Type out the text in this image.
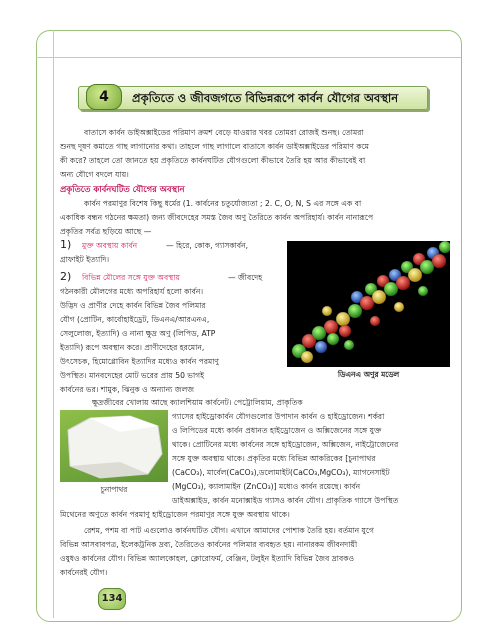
4	প্রকৃতিতে ও জীবজগতে বিভিন্নরূপে কার্বন যৌগের অবস্থান
বাতাসে কার্বন ডাইঅক্সাইডের পরিমাণ ক্রমশ বেড়ে যাওয়ার খবর তোমরা রোজই শুনছ। তোমরা
শুনছ দূষণ কমাতে গাছ লাগানোর কথা। তাহলে গাছ লাগালে বাতাসে কার্বন ডাইঅক্সাইডের পরিমাণ কমে
কী করে? তাহলে তো জানতে হয় প্রকৃতিতে কার্বনঘটিত যৌগগুলো কীভাবে তৈরি হয় আর কীভাবেই বা
অন্য যৌগে বদলে যায়।
প্রকৃতিতে কার্বনঘটিত যৌগের অবস্থান
কার্বন পরমাণুর বিশেষ কিছু ধর্মের (1. কার্বনের চতুর্যোজ্যতা ; 2. C, O, N, S এর সঙ্গে এক বা
একাধিক বন্ধন গঠনের ক্ষমতা) জন্য জীবদেহের সমস্ত জৈব অণু তৈরিতে কার্বন অপরিহার্য। কার্বন নানারূপে
প্রকৃতির সর্বত্র ছড়িয়ে আছে —
1) মুক্ত অবস্থায় কার্বন	— হিরে, কোক, গ্যাসকার্বন,
গ্রাফাইট ইত্যাদি।
2) বিভিন্ন মৌলের সঙ্গে যুক্ত অবস্থায়	— জীবদেহ
গঠনকারী মৌলগের মধ্যে অপরিহার্য হলো কার্বন।
উদ্ভিদ ও প্রাণীর দেহে কার্বন বিভিন্ন জৈব পলিমার
যৌগ (প্রোটিন, কার্বোহাইড্রেট, ডিএনএ/আরএনএ,
সেলুলোজ, ইত্যাদি) ও নানা ক্ষুদ্র অণু (লিপিড, ATP
ইত্যাদি) রূপে অবস্থান করে। প্রাণীদেহের হরমোন,
উৎসেচক, হিমোগ্লোবিন ইত্যাদির মধ্যেও কার্বন পরমাণু
উপস্থিত। মানবদেহের মোট ভরের প্রায় 50 ভাগই
কার্বনের ভর। শামুক, ঝিনুক ও অন্যান্য জলজ
ডিএনএ অণুর মডেল
ক্ষুদ্রজীবের খোলায় আছে ক্যালশিয়াম কার্বনেট। পেট্রোলিয়াম, প্রাকৃতিক
গ্যাসের হাইড্রোকার্বন যৌগগুলোর উপাদান কার্বন ও হাইড্রোজেন। শর্করা
ও লিপিডের মধ্যে কার্বন প্রধানত হাইড্রোজেন ও অক্সিজেনের সঙ্গে যুক্ত
থাকে। প্রোটিনের মধ্যে কার্বনের সঙ্গে হাইড্রোজেন, অক্সিজেন, নাইট্রোজেনের
সঙ্গে যুক্ত অবস্থায় থাকে। প্রকৃতির মধ্যে বিভিন্ন আকরিকের [চুনাপাথর
(CaCO₃), মার্বেল(CaCO₃),ডলোমাইট(CaCO₃,MgCO₃), ম্যাগনেসাইট
(MgCO₃), ক্যালামাইন (ZnCO₃)] মধ্যেও কার্বন রয়েছে। কার্বন
ডাইঅক্সাইড, কার্বন মনোক্সাইড গ্যাসও কার্বন যৌগ। প্রাকৃতিক গ্যাসে উপস্থিত
মিথেনের অণুতে কার্বন পরমাণু হাইড্রোজেন পরমাণুর সঙ্গে যুক্ত অবস্থায় থাকে।
চুনাপাথর
রেশম, পশম বা পাট এগুলোও কার্বনঘটিত যৌগ। এখানে আমাদের পোশাক তৈরি হয়। বর্তমান যুগে
বিভিন্ন আসবাবপত্র, ইলেকট্রনিক দ্রব্য, তৈরিতেও কার্বনের পলিমার ব্যবহৃত হয়। নানারকম জীবনদায়ী
ওষুধও কার্বনের যৌগ। বিভিন্ন অ্যালকোহল, ক্লোরোফর্ম, বেঞ্জিন, টলুইন ইত্যাদি বিভিন্ন জৈব দ্রাবকও
কার্বনেরই যৌগ।
134
